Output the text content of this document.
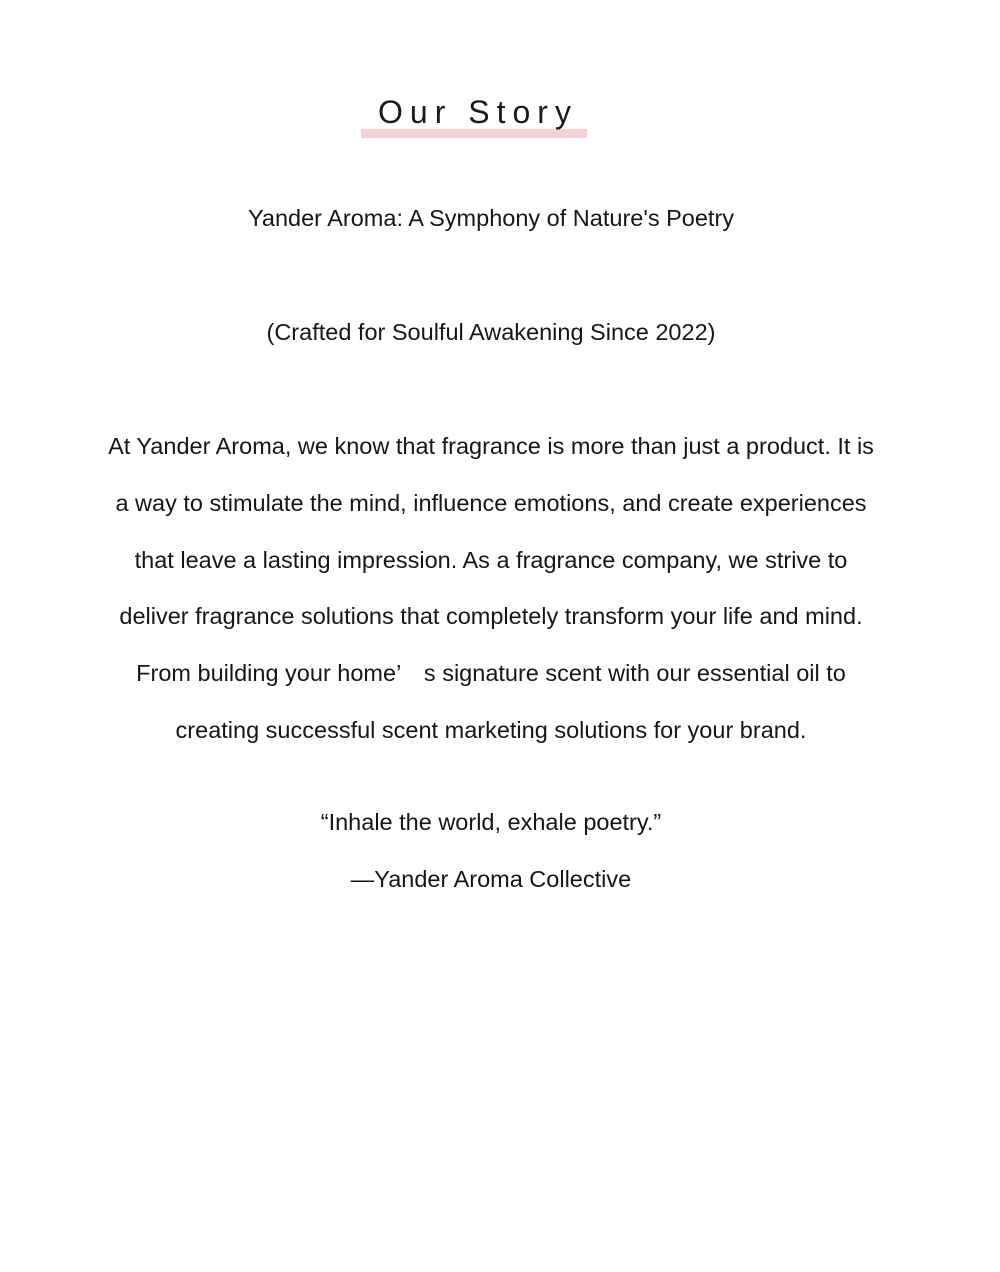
Our Story
Yander Aroma: A Symphony of Nature's Poetry
(Crafted for Soulful Awakening Since 2022)
At Yander Aroma, we know that fragrance is more than just a product. It is
a way to stimulate the mind, influence emotions, and create experiences
that leave a lasting impression. As a fragrance company, we strive to
deliver fragrance solutions that completely transform your life and mind.
From building your home’　s signature scent with our essential oil to
creating successful scent marketing solutions for your brand.
“Inhale the world, exhale poetry.”
—Yander Aroma Collective
